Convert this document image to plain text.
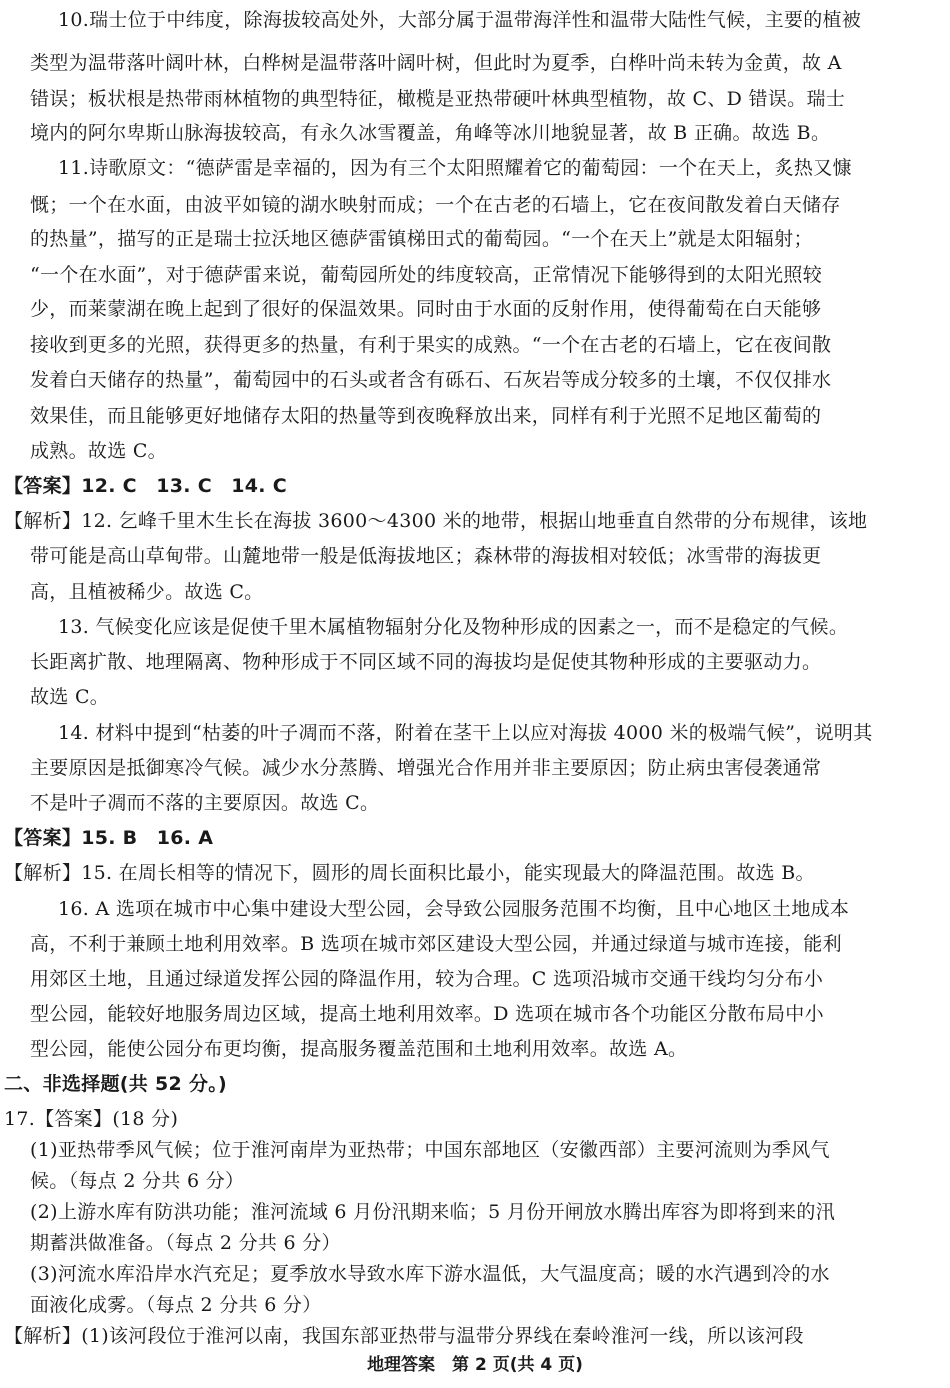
10.瑞士位于中纬度，除海拔较高处外，大部分属于温带海洋性和温带大陆性气候，主要的植被
类型为温带落叶阔叶林，白桦树是温带落叶阔叶树，但此时为夏季，白桦叶尚未转为金黄，故 A
错误；板状根是热带雨林植物的典型特征，橄榄是亚热带硬叶林典型植物，故 C、D 错误。瑞士
境内的阿尔卑斯山脉海拔较高，有永久冰雪覆盖，角峰等冰川地貌显著，故 B 正确。故选 B。
11.诗歌原文：“德萨雷是幸福的，因为有三个太阳照耀着它的葡萄园：一个在天上，炙热又慷
慨；一个在水面，由波平如镜的湖水映射而成；一个在古老的石墙上，它在夜间散发着白天储存
的热量”，描写的正是瑞士拉沃地区德萨雷镇梯田式的葡萄园。“一个在天上”就是太阳辐射；
“一个在水面”，对于德萨雷来说，葡萄园所处的纬度较高，正常情况下能够得到的太阳光照较
少，而莱蒙湖在晚上起到了很好的保温效果。同时由于水面的反射作用，使得葡萄在白天能够
接收到更多的光照，获得更多的热量，有利于果实的成熟。“一个在古老的石墙上，它在夜间散
发着白天储存的热量”，葡萄园中的石头或者含有砾石、石灰岩等成分较多的土壤，不仅仅排水
效果佳，而且能够更好地储存太阳的热量等到夜晚释放出来，同样有利于光照不足地区葡萄的
成熟。故选 C。
【答案】12. C　13. C　14. C
【解析】12. 乞峰千里木生长在海拔 3600～4300 米的地带，根据山地垂直自然带的分布规律，该地
带可能是高山草甸带。山麓地带一般是低海拔地区；森林带的海拔相对较低；冰雪带的海拔更
高，且植被稀少。故选 C。
13. 气候变化应该是促使千里木属植物辐射分化及物种形成的因素之一，而不是稳定的气候。
长距离扩散、地理隔离、物种形成于不同区域不同的海拔均是促使其物种形成的主要驱动力。
故选 C。
14. 材料中提到“枯萎的叶子凋而不落，附着在茎干上以应对海拔 4000 米的极端气候”，说明其
主要原因是抵御寒冷气候。减少水分蒸腾、增强光合作用并非主要原因；防止病虫害侵袭通常
不是叶子凋而不落的主要原因。故选 C。
【答案】15. B　16. A
【解析】15. 在周长相等的情况下，圆形的周长面积比最小，能实现最大的降温范围。故选 B。
16. A 选项在城市中心集中建设大型公园，会导致公园服务范围不均衡，且中心地区土地成本
高，不利于兼顾土地利用效率。B 选项在城市郊区建设大型公园，并通过绿道与城市连接，能利
用郊区土地，且通过绿道发挥公园的降温作用，较为合理。C 选项沿城市交通干线均匀分布小
型公园，能较好地服务周边区域，提高土地利用效率。D 选项在城市各个功能区分散布局中小
型公园，能使公园分布更均衡，提高服务覆盖范围和土地利用效率。故选 A。
二、非选择题(共 52 分。)
17.【答案】(18 分)
(1)亚热带季风气候；位于淮河南岸为亚热带；中国东部地区（安徽西部）主要河流则为季风气
候。（每点 2 分共 6 分）
(2)上游水库有防洪功能；淮河流域 6 月份汛期来临；5 月份开闸放水腾出库容为即将到来的汛
期蓄洪做准备。（每点 2 分共 6 分）
(3)河流水库沿岸水汽充足；夏季放水导致水库下游水温低，大气温度高；暖的水汽遇到冷的水
面液化成雾。（每点 2 分共 6 分）
地理答案　第 2 页(共 4 页)
【解析】(1)该河段位于淮河以南，我国东部亚热带与温带分界线在秦岭淮河一线，所以该河段
